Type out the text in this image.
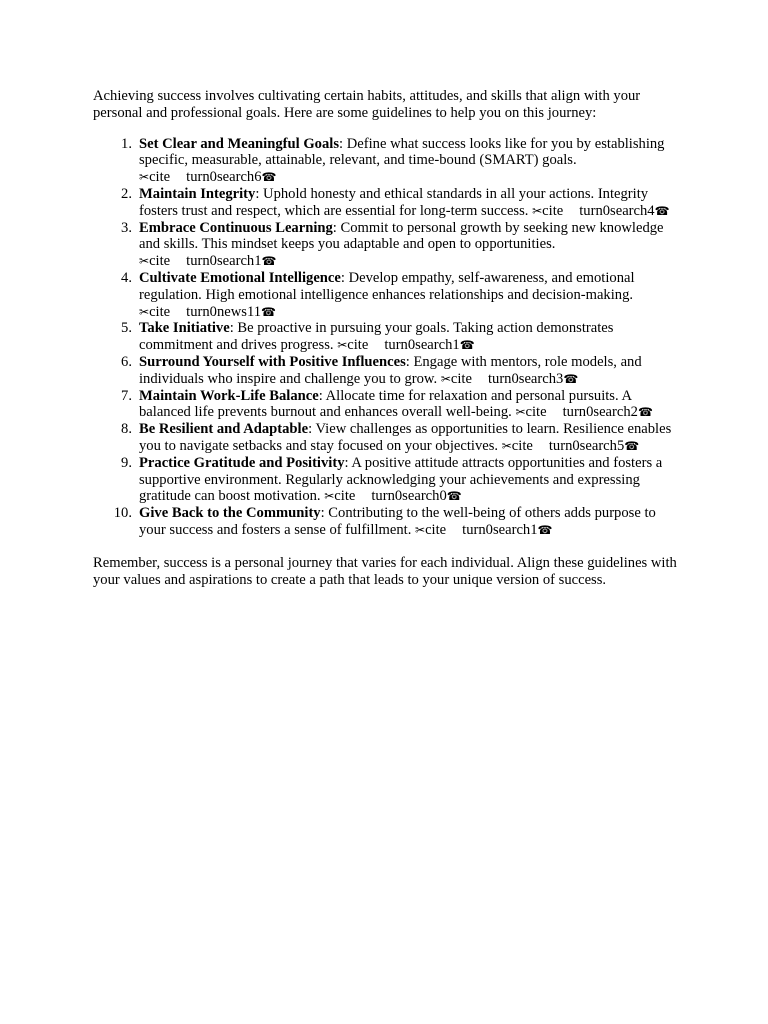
Achieving success involves cultivating certain habits, attitudes, and skills that align with your personal and professional goals. Here are some guidelines to help you on this journey:

1. Set Clear and Meaningful Goals: Define what success looks like for you by establishing specific, measurable, attainable, relevant, and time-bound (SMART) goals. ✂cite turn0search6☎
2. Maintain Integrity: Uphold honesty and ethical standards in all your actions. Integrity fosters trust and respect, which are essential for long-term success. ✂cite turn0search4☎
3. Embrace Continuous Learning: Commit to personal growth by seeking new knowledge and skills. This mindset keeps you adaptable and open to opportunities. ✂cite turn0search1☎
4. Cultivate Emotional Intelligence: Develop empathy, self-awareness, and emotional regulation. High emotional intelligence enhances relationships and decision-making. ✂cite turn0news11☎
5. Take Initiative: Be proactive in pursuing your goals. Taking action demonstrates commitment and drives progress. ✂cite turn0search1☎
6. Surround Yourself with Positive Influences: Engage with mentors, role models, and individuals who inspire and challenge you to grow. ✂cite turn0search3☎
7. Maintain Work-Life Balance: Allocate time for relaxation and personal pursuits. A balanced life prevents burnout and enhances overall well-being. ✂cite turn0search2☎
8. Be Resilient and Adaptable: View challenges as opportunities to learn. Resilience enables you to navigate setbacks and stay focused on your objectives. ✂cite turn0search5☎
9. Practice Gratitude and Positivity: A positive attitude attracts opportunities and fosters a supportive environment. Regularly acknowledging your achievements and expressing gratitude can boost motivation. ✂cite turn0search0☎
10. Give Back to the Community: Contributing to the well-being of others adds purpose to your success and fosters a sense of fulfillment. ✂cite turn0search1☎

Remember, success is a personal journey that varies for each individual. Align these guidelines with your values and aspirations to create a path that leads to your unique version of success.
